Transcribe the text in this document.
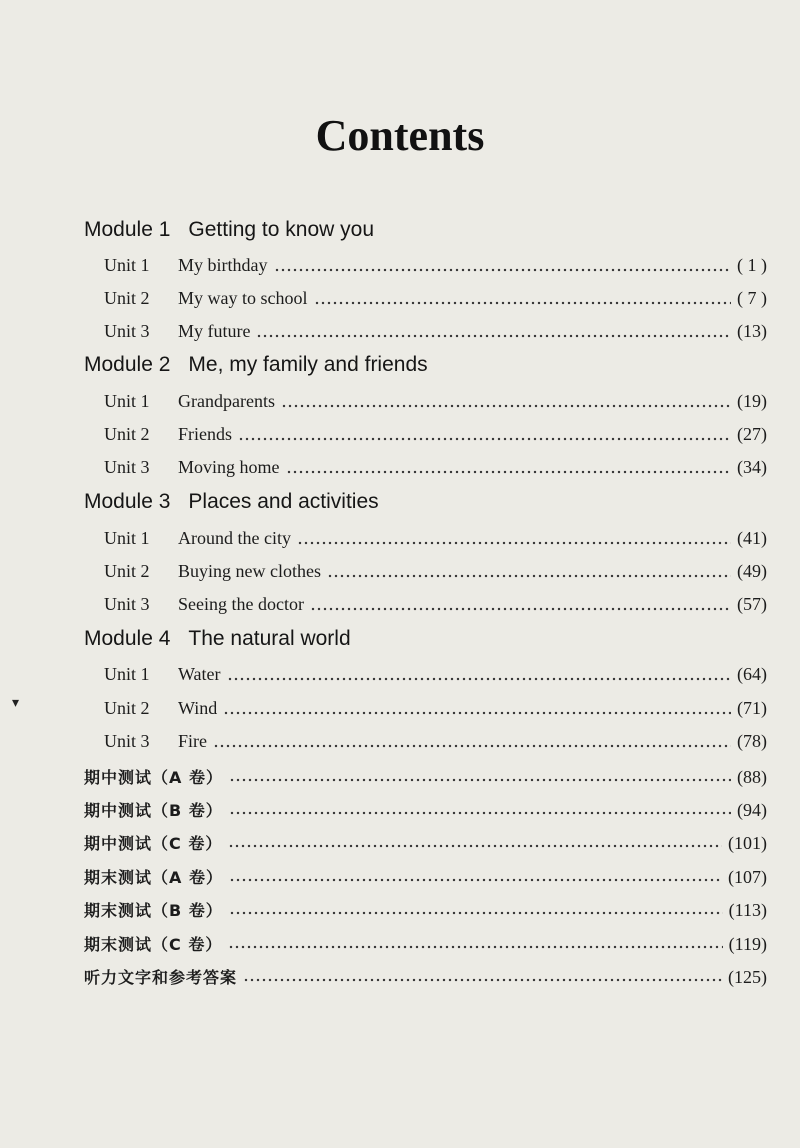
Contents
Module 1 Getting to know you
Unit 1	My birthday	( 1 )
Unit 2	My way to school	( 7 )
Unit 3	My future	(13)
Module 2 Me, my family and friends
Unit 1	Grandparents	(19)
Unit 2	Friends	(27)
Unit 3	Moving home	(34)
Module 3 Places and activities
Unit 1	Around the city	(41)
Unit 2	Buying new clothes	(49)
Unit 3	Seeing the doctor	(57)
Module 4 The natural world
Unit 1	Water	(64)
Unit 2	Wind	(71)
Unit 3	Fire	(78)
期中测试（A 卷）	(88)
期中测试（B 卷）	(94)
期中测试（C 卷）	(101)
期末测试（A 卷）	(107)
期末测试（B 卷）	(113)
期末测试（C 卷）	(119)
听力文字和参考答案	(125)
▾
